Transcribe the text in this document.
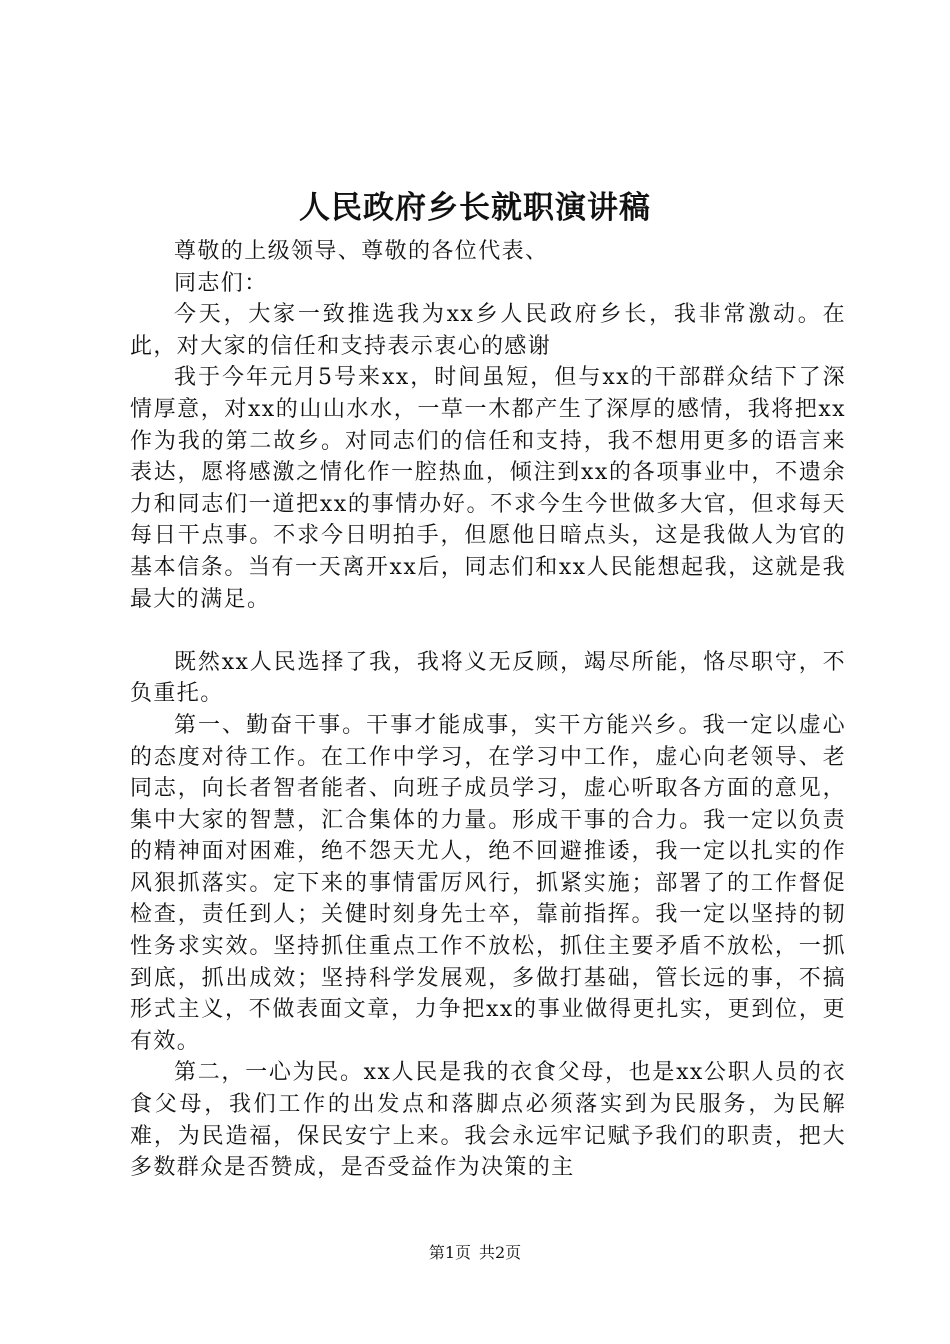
人民政府乡长就职演讲稿

尊敬的上级领导、尊敬的各位代表、

同志们：

今天，大家一致推选我为xx乡人民政府乡长，我非常激动。在此，对大家的信任和支持表示衷心的感谢

我于今年元月5号来xx，时间虽短，但与xx的干部群众结下了深情厚意，对xx的山山水水，一草一木都产生了深厚的感情，我将把xx作为我的第二故乡。对同志们的信任和支持，我不想用更多的语言来表达，愿将感激之情化作一腔热血，倾注到xx的各项事业中，不遗余力和同志们一道把xx的事情办好。不求今生今世做多大官，但求每天每日干点事。不求今日明拍手，但愿他日暗点头，这是我做人为官的基本信条。当有一天离开xx后，同志们和xx人民能想起我，这就是我最大的满足。

既然xx人民选择了我，我将义无反顾，竭尽所能，恪尽职守，不负重托。

第一、勤奋干事。干事才能成事，实干方能兴乡。我一定以虚心的态度对待工作。在工作中学习，在学习中工作，虚心向老领导、老同志，向长者智者能者、向班子成员学习，虚心听取各方面的意见，集中大家的智慧，汇合集体的力量。形成干事的合力。我一定以负责的精神面对困难，绝不怨天尤人，绝不回避推诿，我一定以扎实的作风狠抓落实。定下来的事情雷厉风行，抓紧实施；部署了的工作督促检查，责任到人；关健时刻身先士卒，靠前指挥。我一定以坚持的韧性务求实效。坚持抓住重点工作不放松，抓住主要矛盾不放松，一抓到底，抓出成效；坚持科学发展观，多做打基础，管长远的事，不搞形式主义，不做表面文章，力争把xx的事业做得更扎实，更到位，更有效。

第二，一心为民。xx人民是我的衣食父母，也是xx公职人员的衣食父母，我们工作的出发点和落脚点必须落实到为民服务，为民解难，为民造福，保民安宁上来。我会永远牢记赋予我们的职责，把大多数群众是否赞成，是否受益作为决策的主

第1页 共2页
